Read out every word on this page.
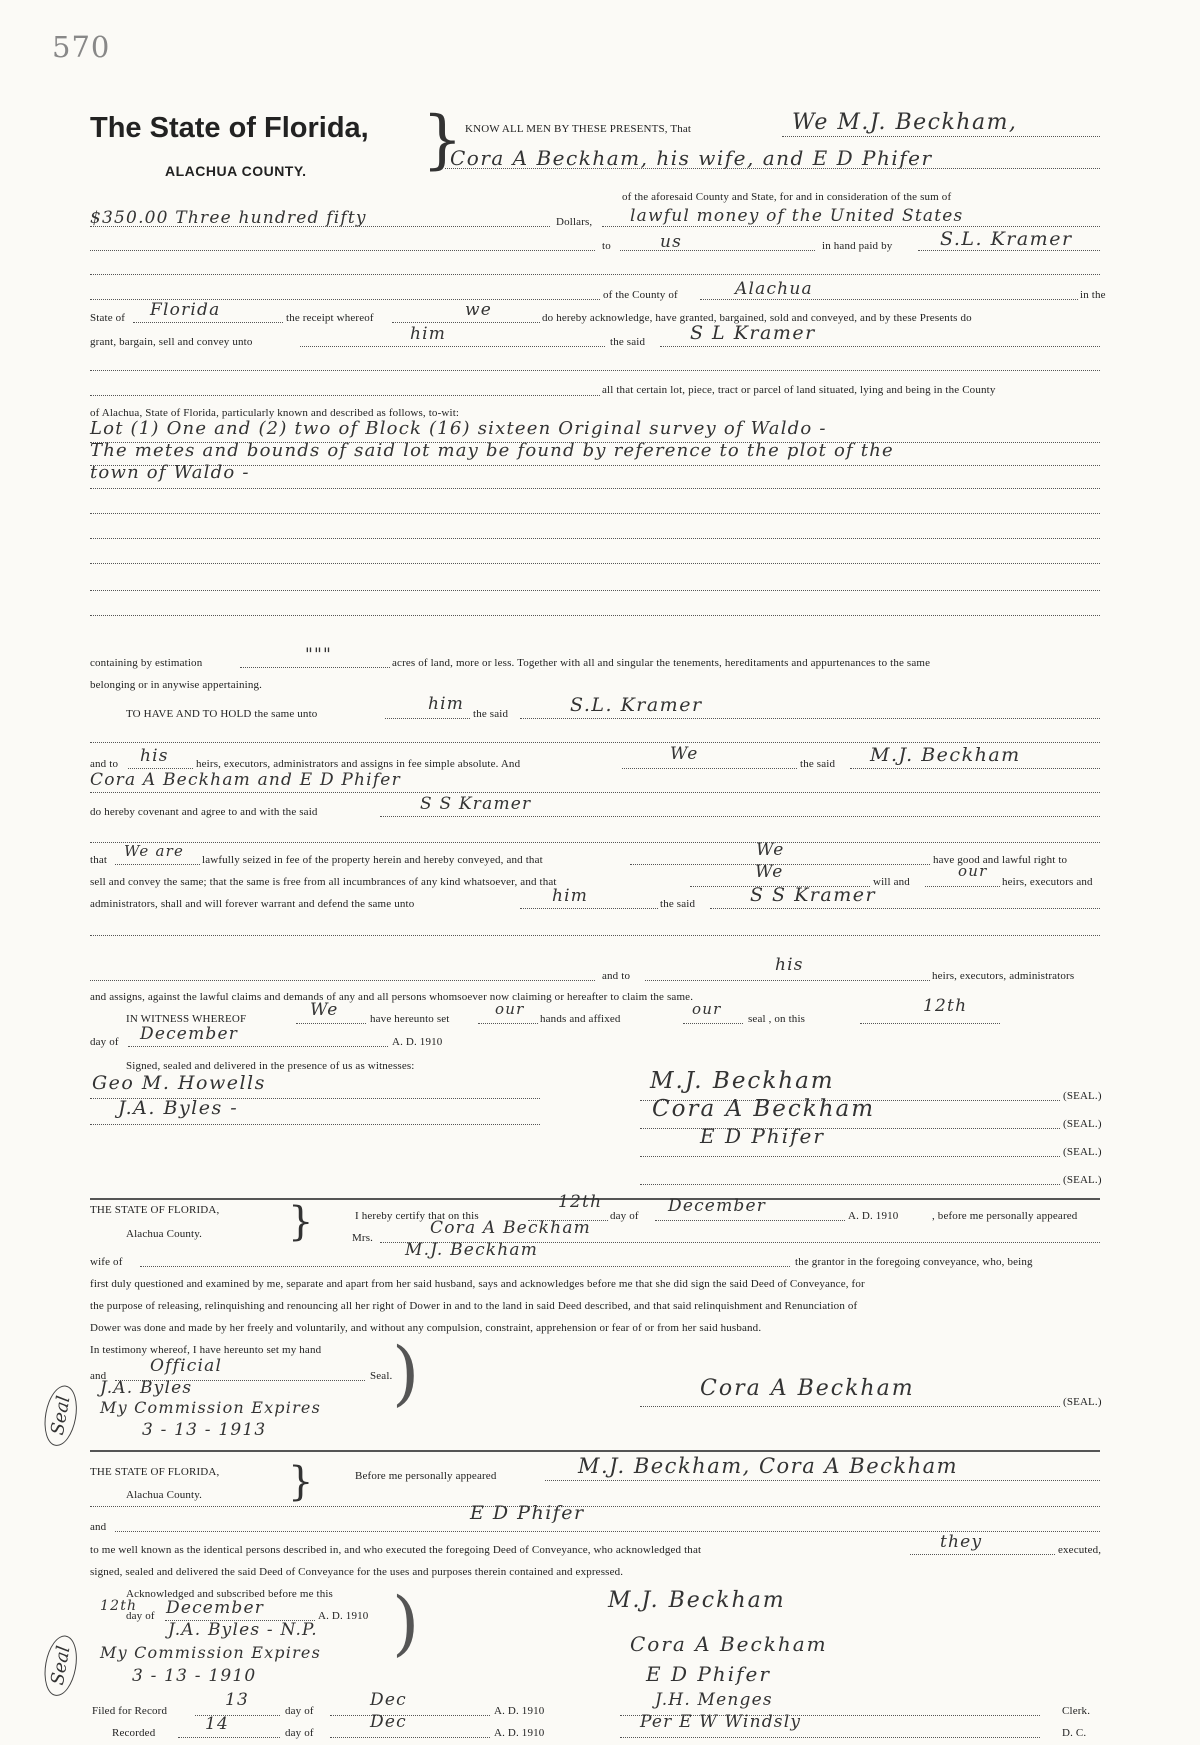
570
The State of Florida,
ALACHUA COUNTY. } KNOW ALL MEN BY THESE PRESENTS, That	We M.J. Beckham,
Cora A Beckham, his wife, and E D Phifer
of the aforesaid County and State, for and in consideration of the sum of
$350.00 Three hundred fifty	Dollars, lawful money of the United States
to	us	in hand paid by	S.L. Kramer
of the County of	Alachua	in the
State of Florida	the receipt whereof	we	do hereby acknowledge, have granted, bargained, sold and conveyed, and by these Presents do
grant, bargain, sell and convey unto	him	the said S L Kramer
all that certain lot, piece, tract or parcel of land situated, lying and being in the County
of Alachua, State of Florida, particularly known and described as follows, to-wit:
Lot (1) One and (2) two of Block (16) sixteen Original survey of Waldo -
The metes and bounds of said lot may be found by reference to the plot of the
town of Waldo -
containing by estimation	"""	acres of land, more or less. Together with all and singular the tenements, hereditaments and appurtenances to the same
belonging or in anywise appertaining.
TO HAVE AND TO HOLD the same unto	him the said	S.L. Kramer
and to his heirs, executors, administrators and assigns in fee simple absolute. And	We	the said M.J. Beckham
Cora A Beckham and E D Phifer
do hereby covenant and agree to and with the said	S S Kramer
that We are lawfully seized in fee of the property herein and hereby conveyed, and that	We	have good and lawful right to
sell and convey the same; that the same is free from all incumbrances of any kind whatsoever, and that	We	will and
our
heirs, executors and
administrators, shall and will forever warrant and defend the same unto	him	the said	S S Kramer
and to
his
heirs, executors, administrators
and assigns, against the lawful claims and demands of any and all persons whomsoever now claiming or hereafter to claim the same.
IN WITNESS WHEREOF	We	have hereunto set
our
hands and affixed
our
seal , on this
12th
day of December	A. D. 1910
Signed, sealed and delivered in the presence of us as witnesses:
Geo M. Howells
J.A. Byles -
M.J. Beckham
(SEAL.)
Cora A Beckham
(SEAL.)
E D Phifer
(SEAL.)
(SEAL.)
THE STATE OF FLORIDA,
Alachua County. }	I hereby certify that on this
12th
day of December	A. D. 1910	, before me personally appeared
Mrs.	Cora A Beckham
wife of
M.J. Beckham
the grantor in the foregoing conveyance, who, being
first duly questioned and examined by me, separate and apart from her said husband, says and acknowledges before me that she did sign the said Deed of Conveyance, for
the purpose of releasing, relinquishing and renouncing all her right of Dower in and to the land in said Deed described, and that said relinquishment and Renunciation of
Dower was done and made by her freely and voluntarily, and without any compulsion, constraint, apprehension or fear of or from her said husband.
In testimony whereof, I have hereunto set my hand
and	Official	Seal. )
J.A. Byles
My Commission Expires
3 - 13 - 1913
Seal
Cora A Beckham
(SEAL.)
THE STATE OF FLORIDA,
Alachua County. }	Before me personally appeared	M.J. Beckham, Cora A Beckham
and
E D Phifer
to me well known as the identical persons described in, and who executed the foregoing Deed of Conveyance, who acknowledged that	they	executed,
signed, sealed and delivered the said Deed of Conveyance for the uses and purposes therein contained and expressed.
Acknowledged and subscribed before me this
12th
day of December	A. D. 1910 )
J.A. Byles - N.P.
My Commission Expires
3 - 13 - 1910
Seal
M.J. Beckham
Cora A Beckham
E D Phifer
Filed for Record
13
day of
Dec
A. D. 1910
J.H. Menges
Clerk.
Recorded	14	day of
Dec
A. D. 1910
Per E W Windsly
D. C.
